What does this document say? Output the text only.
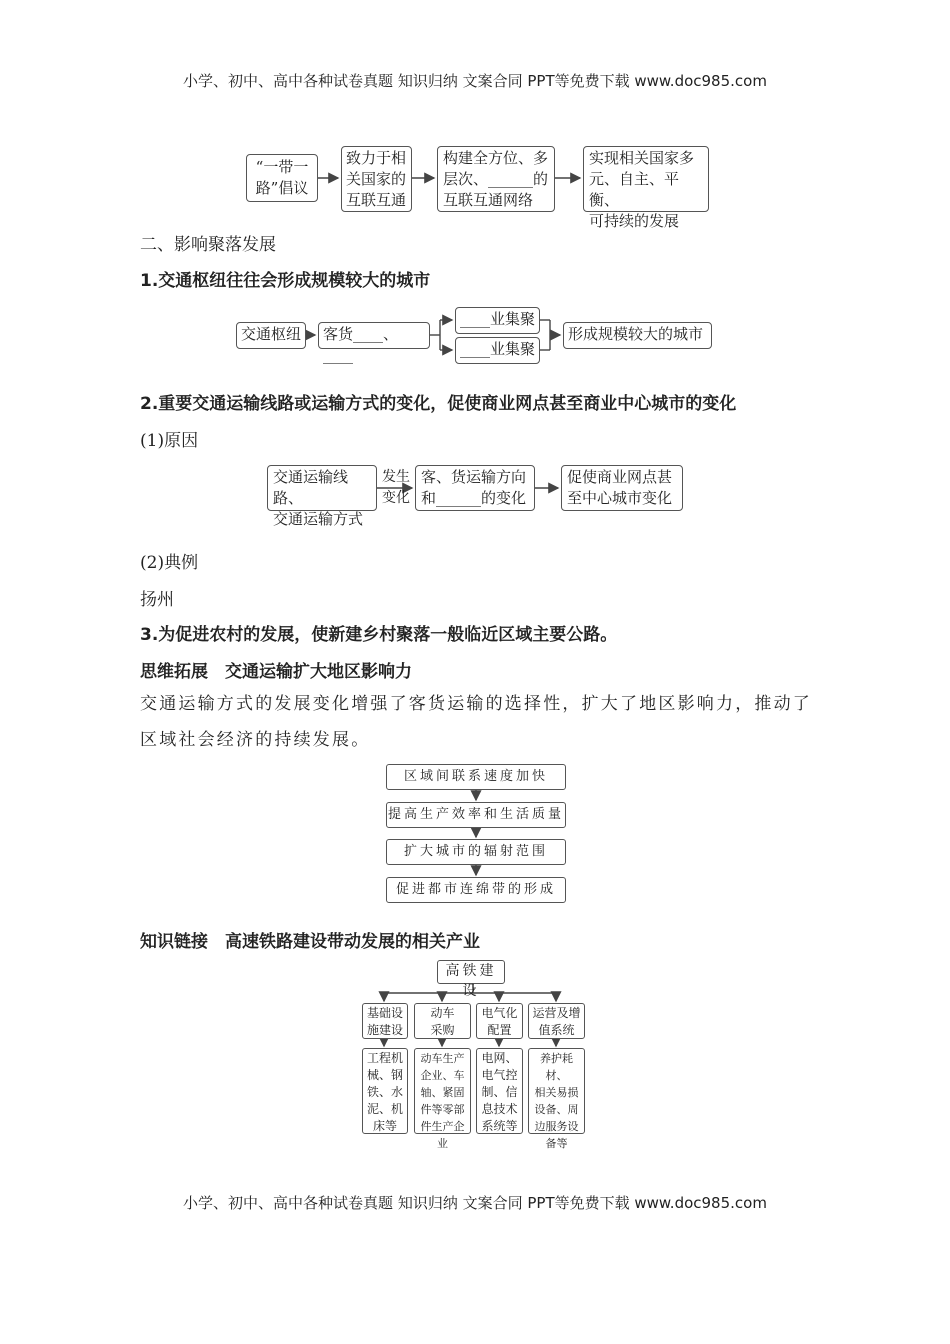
小学、初中、高中各种试卷真题 知识归纳 文案合同 PPT等免费下载 www.doc985.com
“一带一
路”倡议
致力于相
关国家的
互联互通
构建全方位、多
层次、______的
互联互通网络
实现相关国家多
元、自主、平衡、
可持续的发展
二、影响聚落发展
1.交通枢纽往往会形成规模较大的城市
交通枢纽	客货____、____
____业集聚
____业集聚
形成规模较大的城市
2.重要交通运输线路或运输方式的变化，促使商业网点甚至商业中心城市的变化
(1)原因
交通运输线路、
交通运输方式
发生
变化
客、货运输方向
和______的变化
促使商业网点甚
至中心城市变化
(2)典例
扬州
3.为促进农村的发展，使新建乡村聚落一般临近区域主要公路。
思维拓展　交通运输扩大地区影响力
交通运输方式的发展变化增强了客货运输的选择性，扩大了地区影响力，推动了区域社会经济的持续发展。
区域间联系速度加快
提高生产效率和生活质量
扩大城市的辐射范围
促进都市连绵带的形成
知识链接　高速铁路建设带动发展的相关产业
高铁建设
基础设
施建设
动车
采购
电气化
配置
运营及增
值系统
工程机
械、钢
铁、水
泥、机
床等
动车生产
企业、车
轴、紧固
件等零部
件生产企业
电网、
电气控
制、信
息技术
系统等
养护耗材、
相关易损
设备、周
边服务设
备等
小学、初中、高中各种试卷真题 知识归纳 文案合同 PPT等免费下载 www.doc985.com
